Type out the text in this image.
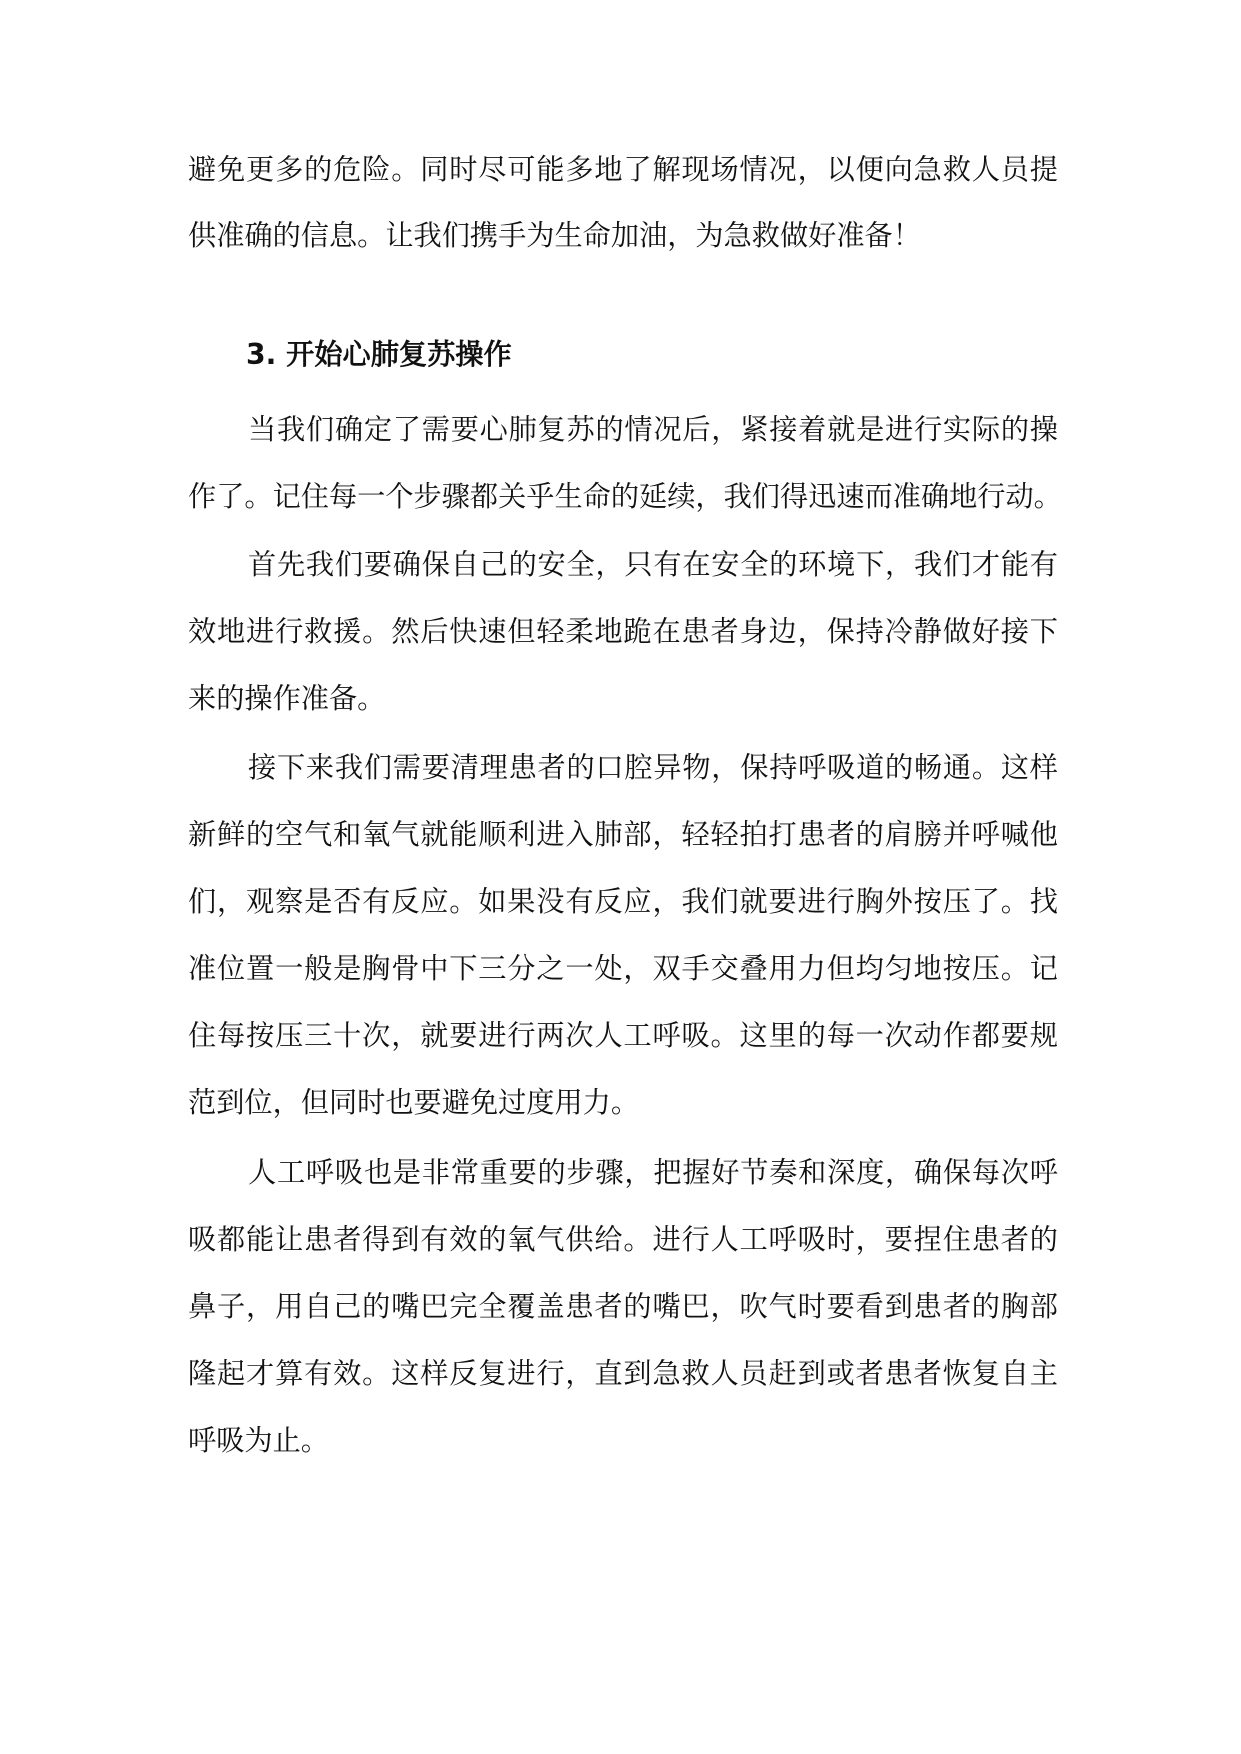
避免更多的危险。同时尽可能多地了解现场情况，以便向急救人员提
供准确的信息。让我们携手为生命加油，为急救做好准备！
3. 开始心肺复苏操作
当我们确定了需要心肺复苏的情况后，紧接着就是进行实际的操
作了。记住每一个步骤都关乎生命的延续，我们得迅速而准确地行动。
首先我们要确保自己的安全，只有在安全的环境下，我们才能有
效地进行救援。然后快速但轻柔地跪在患者身边，保持冷静做好接下
来的操作准备。
接下来我们需要清理患者的口腔异物，保持呼吸道的畅通。这样
新鲜的空气和氧气就能顺利进入肺部，轻轻拍打患者的肩膀并呼喊他
们，观察是否有反应。如果没有反应，我们就要进行胸外按压了。找
准位置一般是胸骨中下三分之一处，双手交叠用力但均匀地按压。记
住每按压三十次，就要进行两次人工呼吸。这里的每一次动作都要规
范到位，但同时也要避免过度用力。
人工呼吸也是非常重要的步骤，把握好节奏和深度，确保每次呼
吸都能让患者得到有效的氧气供给。进行人工呼吸时，要捏住患者的
鼻子，用自己的嘴巴完全覆盖患者的嘴巴，吹气时要看到患者的胸部
隆起才算有效。这样反复进行，直到急救人员赶到或者患者恢复自主
呼吸为止。
